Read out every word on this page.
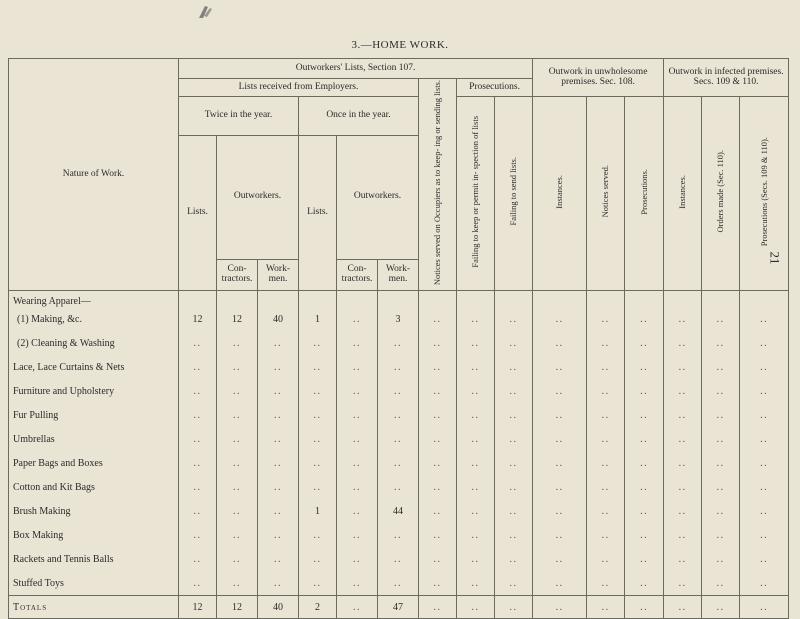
3.—HOME WORK.
21
Nature of Work.	Outworkers' Lists, Section 107.									Outwork in unwholesome premises. Sec. 108.			Outwork in infected premises. Secs. 109 & 110.		
	Lists received from Employers.						Notices served on Occupiers as to keep- ing or sending lists.	Prosecutions.							
	Twice in the year.			Once in the year.				Failing to keep or permit in- spection of lists	Failing to send lists.	Instances.	Notices served.	Prosecutions.	Instances.	Orders made (Sec. 110).	Prosecutions (Secs. 109 & 110).
	Lists.	Outworkers.		Lists.	Outworkers.										
		Con- tractors.	Work- men.		Con- tractors.	Work- men.									
Wearing Apparel—															
(1) Making, &c.	12	12	40	1	..	3	..	..	..	..	..	..	..	..	..
(2) Cleaning & Washing	..	..	..	..	..	..	..	..	..	..	..	..	..	..	..
Lace, Lace Curtains & Nets	..	..	..	..	..	..	..	..	..	..	..	..	..	..	..
Furniture and Upholstery	..	..	..	..	..	..	..	..	..	..	..	..	..	..	..
Fur Pulling	..	..	..	..	..	..	..	..	..	..	..	..	..	..	..
Umbrellas	..	..	..	..	..	..	..	..	..	..	..	..	..	..	..
Paper Bags and Boxes	..	..	..	..	..	..	..	..	..	..	..	..	..	..	..
Cotton and Kit Bags	..	..	..	..	..	..	..	..	..	..	..	..	..	..	..
Brush Making	..	..	..	1	..	44	..	..	..	..	..	..	..	..	..
Box Making	..	..	..	..	..	..	..	..	..	..	..	..	..	..	..
Rackets and Tennis Balls	..	..	..	..	..	..	..	..	..	..	..	..	..	..	..
Stuffed Toys	..	..	..	..	..	..	..	..	..	..	..	..	..	..	..
Totals	12	12	40	2	..	47	..	..	..	..	..	..	..	..	..
